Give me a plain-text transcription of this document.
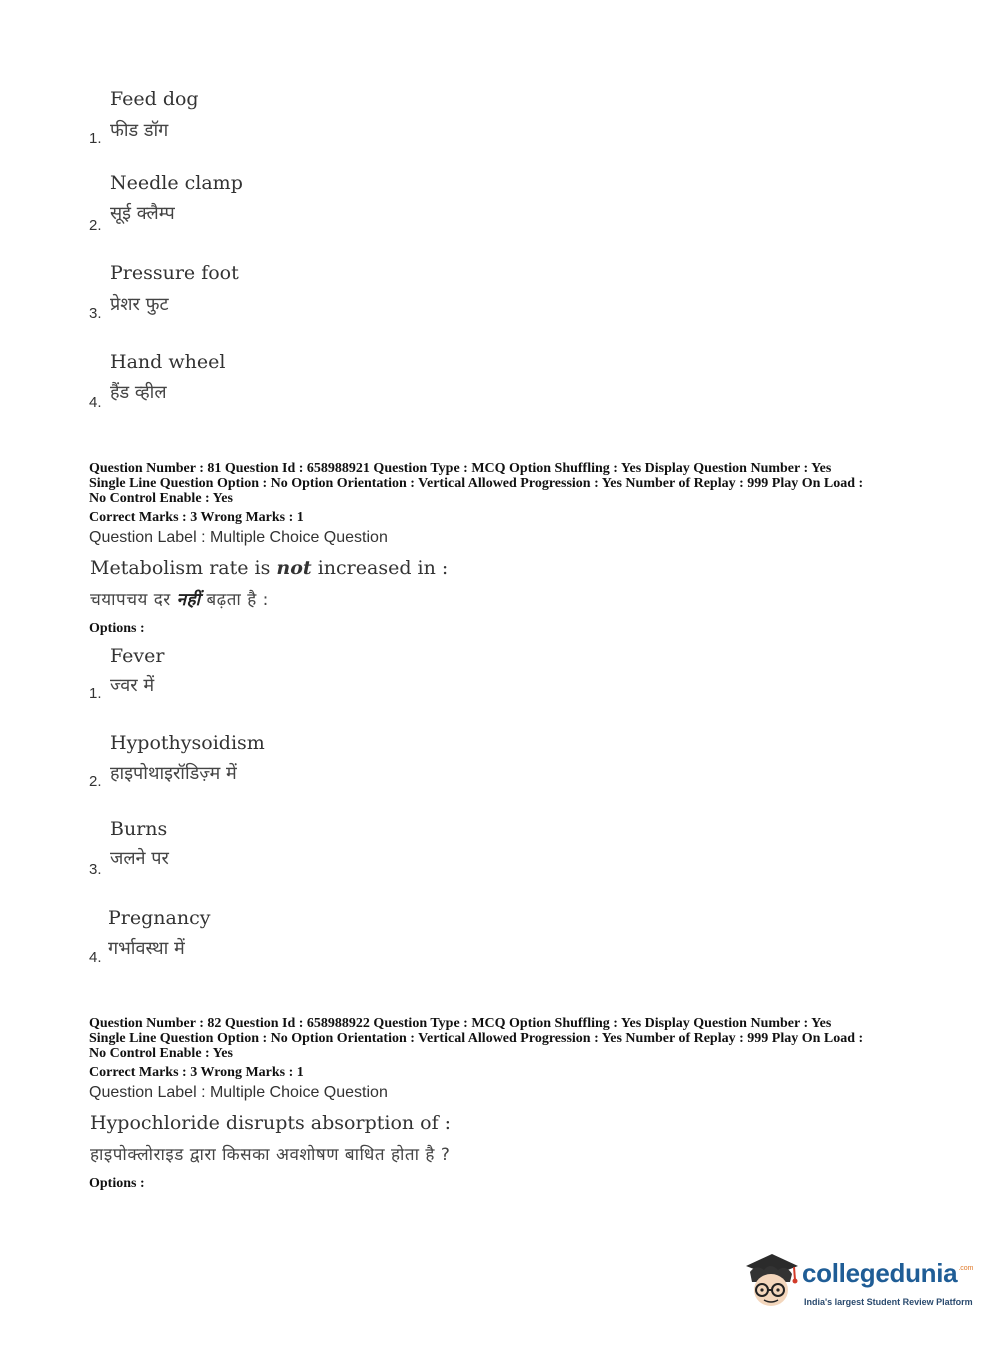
Feed dog
फीड डॉग
1.
Needle clamp
सूई क्लैम्प
2.
Pressure foot
प्रेशर फुट
3.
Hand wheel
हैंड व्हील
4.
Question Number : 81 Question Id : 658988921 Question Type : MCQ Option Shuffling : Yes Display Question Number : Yes
Single Line Question Option : No Option Orientation : Vertical Allowed Progression : Yes Number of Replay : 999 Play On Load :
No Control Enable : Yes
Correct Marks : 3 Wrong Marks : 1
Question Label : Multiple Choice Question
Metabolism rate is not increased in :
चयापचय दर नहीं बढ़ता है :
Options :
Fever
ज्वर में
1.
Hypothysoidism
हाइपोथाइरॉडिज़्म में
2.
Burns
जलने पर
3.
Pregnancy
गर्भावस्था में
4.
Question Number : 82 Question Id : 658988922 Question Type : MCQ Option Shuffling : Yes Display Question Number : Yes
Single Line Question Option : No Option Orientation : Vertical Allowed Progression : Yes Number of Replay : 999 Play On Load :
No Control Enable : Yes
Correct Marks : 3 Wrong Marks : 1
Question Label : Multiple Choice Question
Hypochloride disrupts absorption of :
हाइपोक्लोराइड द्वारा किसका अवशोषण बाधित होता है ?
Options :
collegedunia$^{.com}$
India's largest Student Review Platform
